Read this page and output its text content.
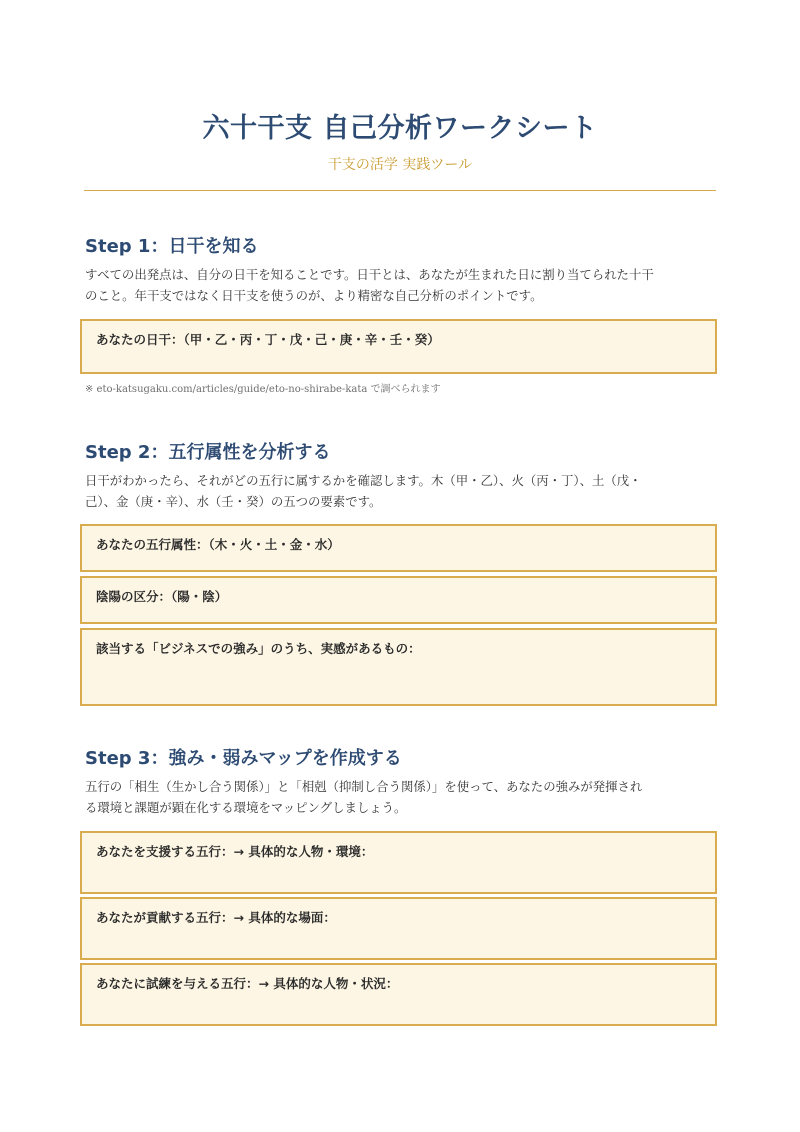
六十干支 自己分析ワークシート
干支の活学 実践ツール
Step 1：日干を知る
すべての出発点は、自分の日干を知ることです。日干とは、あなたが生まれた日に割り当てられた十干
のこと。年干支ではなく日干支を使うのが、より精密な自己分析のポイントです。
あなたの日干：（甲・乙・丙・丁・戊・己・庚・辛・壬・癸）
※ eto-katsugaku.com/articles/guide/eto-no-shirabe-kata で調べられます
Step 2：五行属性を分析する
日干がわかったら、それがどの五行に属するかを確認します。木（甲・乙）、火（丙・丁）、土（戊・
己）、金（庚・辛）、水（壬・癸）の五つの要素です。
あなたの五行属性：（木・火・土・金・水）
陰陽の区分：（陽・陰）
該当する「ビジネスでの強み」のうち、実感があるもの：
Step 3：強み・弱みマップを作成する
五行の「相生（生かし合う関係）」と「相剋（抑制し合う関係）」を使って、あなたの強みが発揮され
る環境と課題が顕在化する環境をマッピングしましょう。
あなたを支援する五行：→ 具体的な人物・環境：
あなたが貢献する五行：→ 具体的な場面：
あなたに試練を与える五行：→ 具体的な人物・状況：
